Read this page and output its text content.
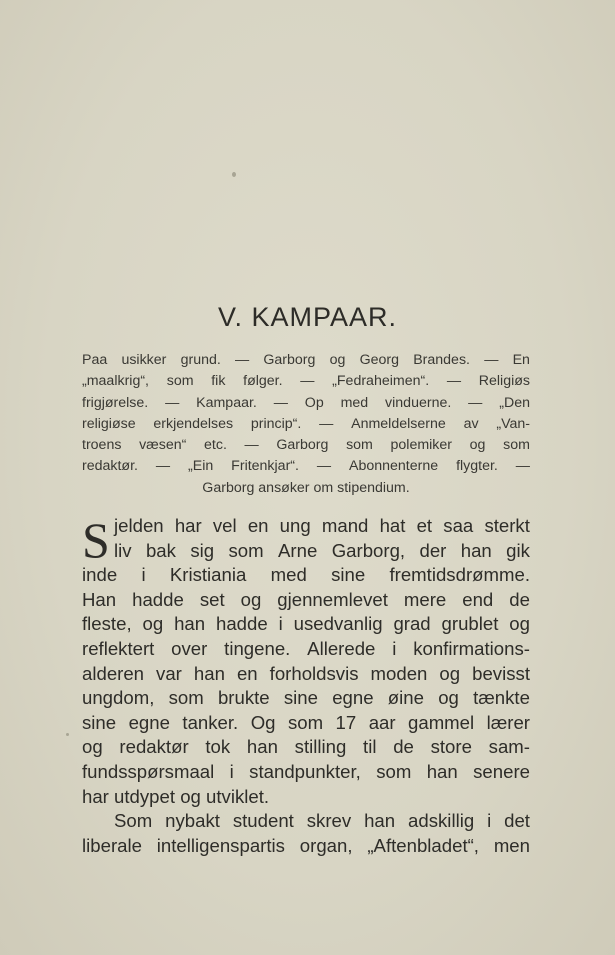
V. KAMPAAR.
Paa usikker grund. — Garborg og Georg Brandes. — En
„maalkrig“, som fik følger. — „Fedraheimen“. — Religiøs
frigjørelse. — Kampaar. — Op med vinduerne. — „Den
religiøse erkjendelses princip“. — Anmeldelserne av „Van-
troens væsen“ etc. — Garborg som polemiker og som
redaktør. — „Ein Fritenkjar“. — Abonnenterne flygter. —
Garborg ansøker om stipendium.
S jelden har vel en ung mand hat et saa sterkt
liv bak sig som Arne Garborg, der han gik
inde i Kristiania med sine fremtidsdrømme.
Han hadde set og gjennemlevet mere end de
fleste, og han hadde i usedvanlig grad grublet og
reflektert over tingene. Allerede i konfirmations-
alderen var han en forholdsvis moden og bevisst
ungdom, som brukte sine egne øine og tænkte
sine egne tanker. Og som 17 aar gammel lærer
og redaktør tok han stilling til de store sam-
fundsspørsmaal i standpunkter, som han senere
har utdypet og utviklet.
Som nybakt student skrev han adskillig i det
liberale intelligenspartis organ, „Aftenbladet“, men
